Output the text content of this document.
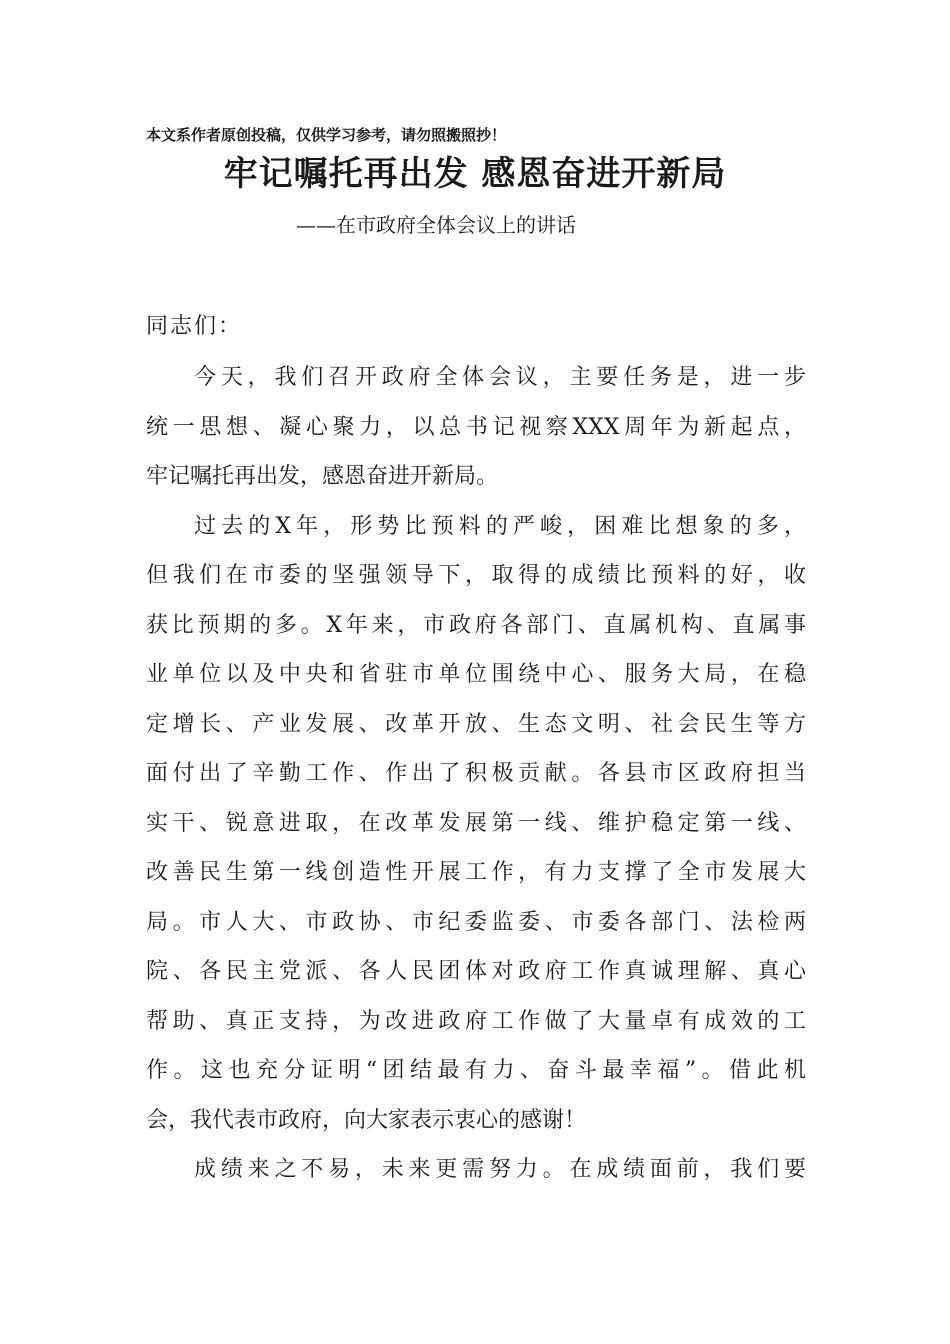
本文系作者原创投稿，仅供学习参考，请勿照搬照抄！
牢记嘱托再出发 感恩奋进开新局
——在市政府全体会议上的讲话
同志们：
今天，我们召开政府全体会议，主要任务是，进一步
统一思想、凝心聚力，以总书记视察XXX周年为新起点，
牢记嘱托再出发，感恩奋进开新局。
过去的X年，形势比预料的严峻，困难比想象的多，
但我们在市委的坚强领导下，取得的成绩比预料的好，收
获比预期的多。X年来，市政府各部门、直属机构、直属事
业单位以及中央和省驻市单位围绕中心、服务大局，在稳
定增长、产业发展、改革开放、生态文明、社会民生等方
面付出了辛勤工作、作出了积极贡献。各县市区政府担当
实干、锐意进取，在改革发展第一线、维护稳定第一线、
改善民生第一线创造性开展工作，有力支撑了全市发展大
局。市人大、市政协、市纪委监委、市委各部门、法检两
院、各民主党派、各人民团体对政府工作真诚理解、真心
帮助、真正支持，为改进政府工作做了大量卓有成效的工
作。这也充分证明“团结最有力、奋斗最幸福”。借此机
会，我代表市政府，向大家表示衷心的感谢！
成绩来之不易，未来更需努力。在成绩面前，我们要
